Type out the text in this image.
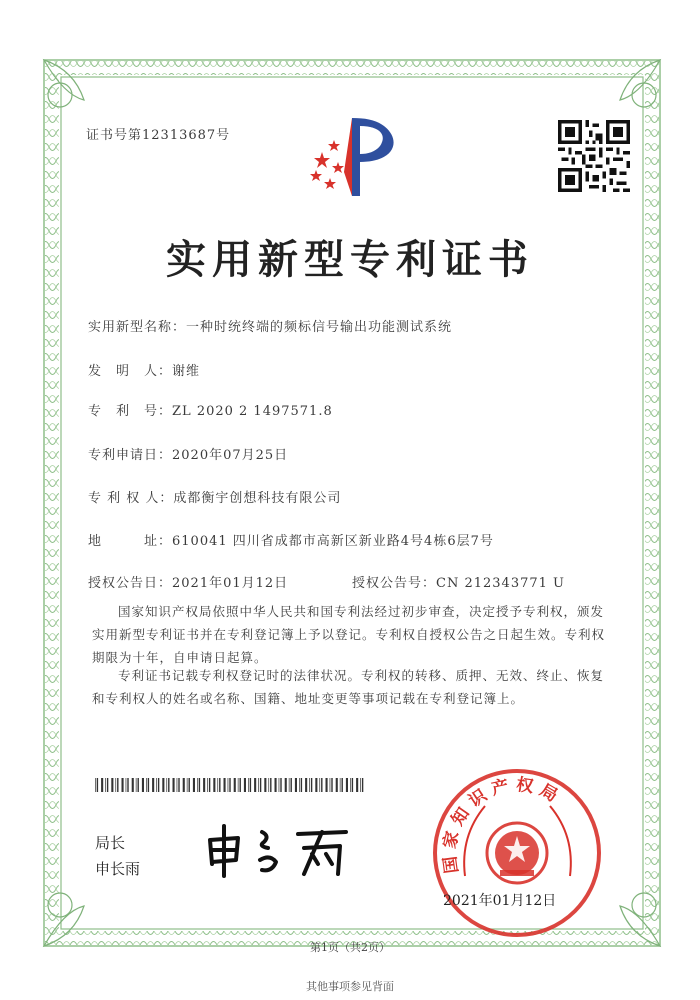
证书号第12313687号
实用新型专利证书
实用新型名称：一种时统终端的频标信号输出功能测试系统
发　明　人：谢维
专　利　号：ZL 2020 2 1497571.8
专利申请日：2020年07月25日
专 利 权 人：成都衡宇创想科技有限公司
地　　　址：610041 四川省成都市高新区新业路4号4栋6层7号
授权公告日：2021年01月12日	授权公告号：CN 212343771 U
国家知识产权局依照中华人民共和国专利法经过初步审查，决定授予专利权，颁发实用新型专利证书并在专利登记簿上予以登记。专利权自授权公告之日起生效。专利权期限为十年，自申请日起算。
专利证书记载专利权登记时的法律状况。专利权的转移、质押、无效、终止、恢复和专利权人的姓名或名称、国籍、地址变更等事项记载在专利登记簿上。
局长
申长雨	国家知识产权局
2021年01月12日
第1页（共2页）
其他事项参见背面
